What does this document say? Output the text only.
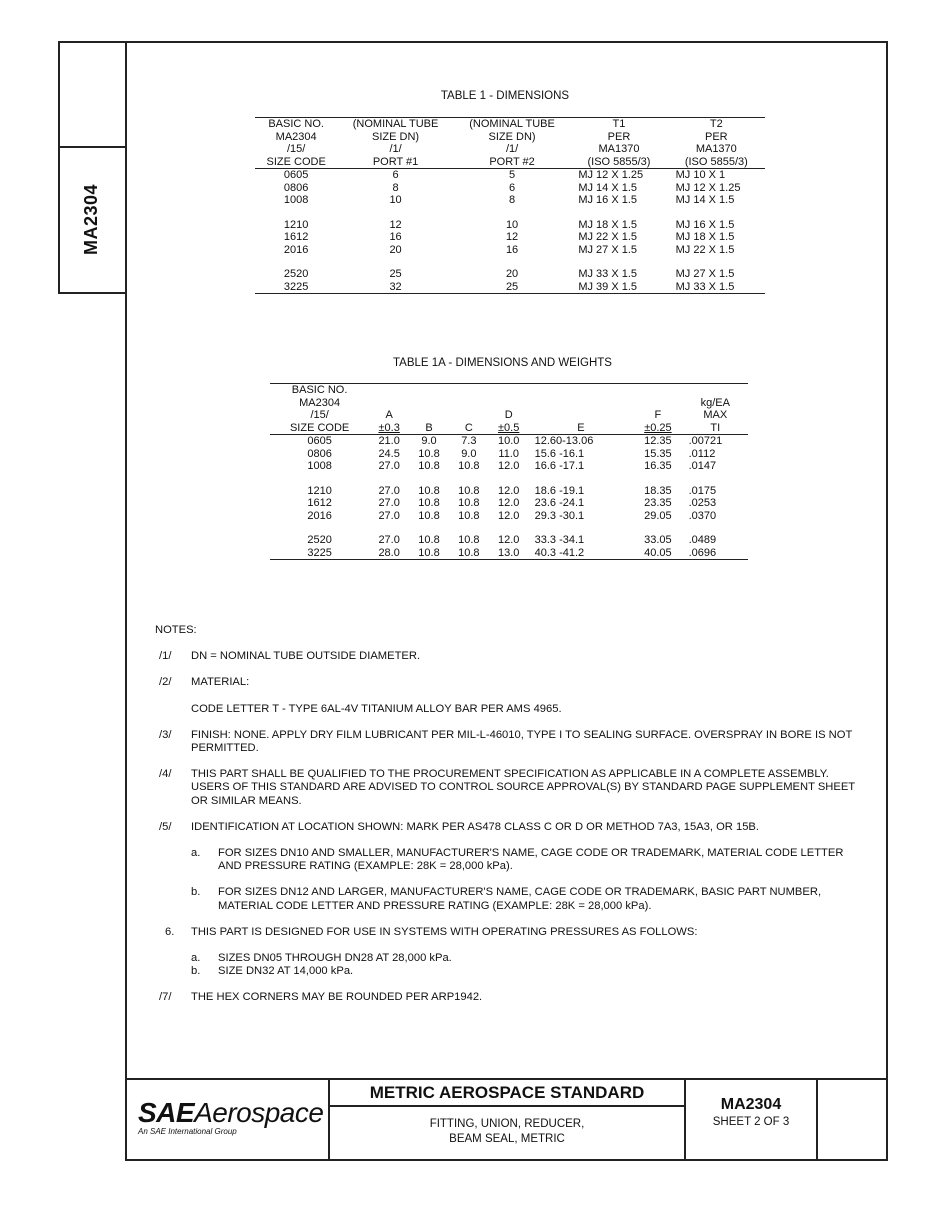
MA2304
TABLE 1 - DIMENSIONS
BASIC NO.	(NOMINAL TUBE	(NOMINAL TUBE	T1	T2
MA2304	SIZE DN)	SIZE DN)	PER	PER
/15/	/1/	/1/	MA1370	MA1370
SIZE CODE	PORT #1	PORT #2	(ISO 5855/3)	(ISO 5855/3)
0605	6	5	MJ 12 X 1.25	MJ 10 X 1
0806	8	6	MJ 14 X 1.5	MJ 12 X 1.25
1008	10	8	MJ 16 X 1.5	MJ 14 X 1.5

1210	12	10	MJ 18 X 1.5	MJ 16 X 1.5
1612	16	12	MJ 22 X 1.5	MJ 18 X 1.5
2016	20	16	MJ 27 X 1.5	MJ 22 X 1.5

2520	25	20	MJ 33 X 1.5	MJ 27 X 1.5
3225	32	25	MJ 39 X 1.5	MJ 33 X 1.5
TABLE 1A - DIMENSIONS AND WEIGHTS
BASIC NO.							
MA2304							kg/EA
/15/	A			D		F	MAX
SIZE CODE	±0.3	B	C	±0.5	E	±0.25	TI
0605	21.0	9.0	7.3	10.0	12.60-13.06	12.35	.00721
0806	24.5	10.8	9.0	11.0	15.6 -16.1	15.35	.0112
1008	27.0	10.8	10.8	12.0	16.6 -17.1	16.35	.0147

1210	27.0	10.8	10.8	12.0	18.6 -19.1	18.35	.0175
1612	27.0	10.8	10.8	12.0	23.6 -24.1	23.35	.0253
2016	27.0	10.8	10.8	12.0	29.3 -30.1	29.05	.0370

2520	27.0	10.8	10.8	12.0	33.3 -34.1	33.05	.0489
3225	28.0	10.8	10.8	13.0	40.3 -41.2	40.05	.0696
NOTES:
/1/ DN = NOMINAL TUBE OUTSIDE DIAMETER.
/2/ MATERIAL:
CODE LETTER T - TYPE 6AL-4V TITANIUM ALLOY BAR PER AMS 4965.
/3/ FINISH: NONE. APPLY DRY FILM LUBRICANT PER MIL-L-46010, TYPE I TO SEALING SURFACE. OVERSPRAY IN BORE IS NOT PERMITTED.
/4/ THIS PART SHALL BE QUALIFIED TO THE PROCUREMENT SPECIFICATION AS APPLICABLE IN A COMPLETE ASSEMBLY. USERS OF THIS STANDARD ARE ADVISED TO CONTROL SOURCE APPROVAL(S) BY STANDARD PAGE SUPPLEMENT SHEET OR SIMILAR MEANS.
/5/ IDENTIFICATION AT LOCATION SHOWN: MARK PER AS478 CLASS C OR D OR METHOD 7A3, 15A3, OR 15B.
a. FOR SIZES DN10 AND SMALLER, MANUFACTURER'S NAME, CAGE CODE OR TRADEMARK, MATERIAL CODE LETTER AND PRESSURE RATING (EXAMPLE: 28K = 28,000 kPa).
b. FOR SIZES DN12 AND LARGER, MANUFACTURER'S NAME, CAGE CODE OR TRADEMARK, BASIC PART NUMBER, MATERIAL CODE LETTER AND PRESSURE RATING (EXAMPLE: 28K = 28,000 kPa).
6. THIS PART IS DESIGNED FOR USE IN SYSTEMS WITH OPERATING PRESSURES AS FOLLOWS:
a. SIZES DN05 THROUGH DN28 AT 28,000 kPa.
b. SIZE DN32 AT 14,000 kPa.
/7/ THE HEX CORNERS MAY BE ROUNDED PER ARP1942.
SAEAerospace
An SAE International Group
METRIC AEROSPACE STANDARD
FITTING, UNION, REDUCER,
BEAM SEAL, METRIC
MA2304
SHEET 2 OF 3
